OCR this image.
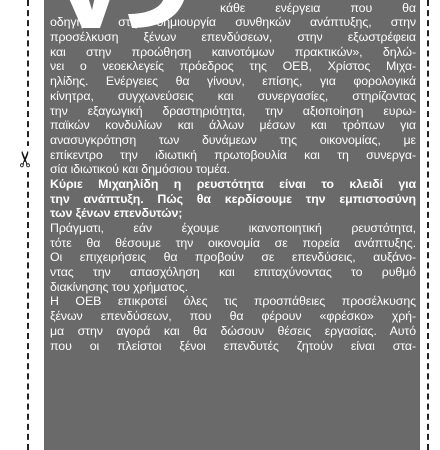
✂
κάθε ενέργεια που θα
οδηγήσει στη δημιουργία συνθηκών ανάπτυξης, στην
προσέλκυση ξένων επενδύσεων, στην εξωστρέφεια
και στην προώθηση καινοτόμων πρακτικών», δηλώ-
νει ο νεοεκλεγείς πρόεδρος της ΟΕΒ, Χρίστος Μιχα-
ηλίδης. Ενέργειες θα γίνουν, επίσης, για φορολογικά
κίνητρα, συγχωνεύσεις και συνεργασίες, στηρίζοντας
την εξαγωγική δραστηριότητα, την αξιοποίηση ευρω-
παϊκών κονδυλίων και άλλων μέσων και τρόπων για
ανασυγκρότηση των δυνάμεων της οικονομίας, με
επίκεντρο την ιδιωτική πρωτοβουλία και τη συνεργα-
σία ιδιωτικού και δημόσιου τομέα.
Κύριε Μιχαηλίδη η ρευστότητα είναι το κλειδί για
την ανάπτυξη. Πώς θα κερδίσουμε την εμπιστοσύνη
των ξένων επενδυτών;
Πράγματι, εάν έχουμε ικανοποιητική ρευστότητα,
τότε θα θέσουμε την οικονομία σε πορεία ανάπτυξης.
Οι επιχειρήσεις θα προβούν σε επενδύσεις, αυξάνο-
ντας την απασχόληση και επιταχύνοντας το ρυθμό
διακίνησης του χρήματος.
Η ΟΕΒ επικροτεί όλες τις προσπάθειες προσέλκυσης
ξένων επενδύσεων, που θα φέρουν «φρέσκο» χρή-
μα στην αγορά και θα δώσουν θέσεις εργασίας. Αυτό
που οι πλείστοι ξένοι επενδυτές ζητούν είναι στα-
